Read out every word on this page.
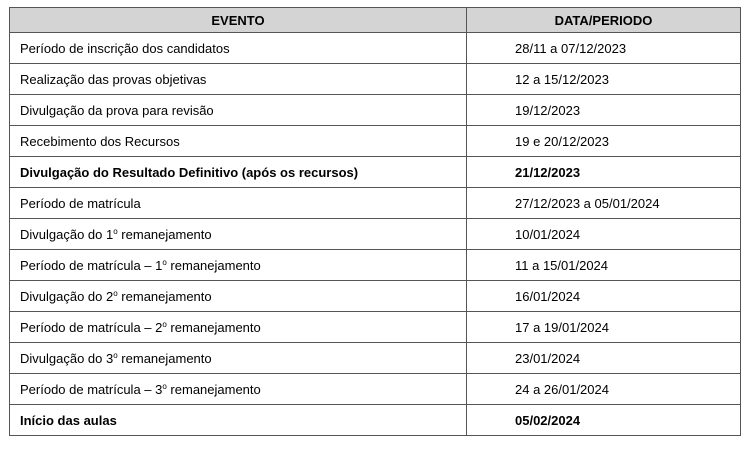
EVENTO	DATA/PERIODO
Período de inscrição dos candidatos	28/11 a 07/12/2023
Realização das provas objetivas	12 a 15/12/2023
Divulgação da prova para revisão	19/12/2023
Recebimento dos Recursos	19 e 20/12/2023
Divulgação do Resultado Definitivo (após os recursos)	21/12/2023
Período de matrícula	27/12/2023 a 05/01/2024
Divulgação do 1$^o$ remanejamento	10/01/2024
Período de matrícula – 1$^o$ remanejamento	11 a 15/01/2024
Divulgação do 2$^o$ remanejamento	16/01/2024
Período de matrícula – 2$^o$ remanejamento	17 a 19/01/2024
Divulgação do 3$^o$ remanejamento	23/01/2024
Período de matrícula – 3$^o$ remanejamento	24 a 26/01/2024
Início das aulas	05/02/2024
